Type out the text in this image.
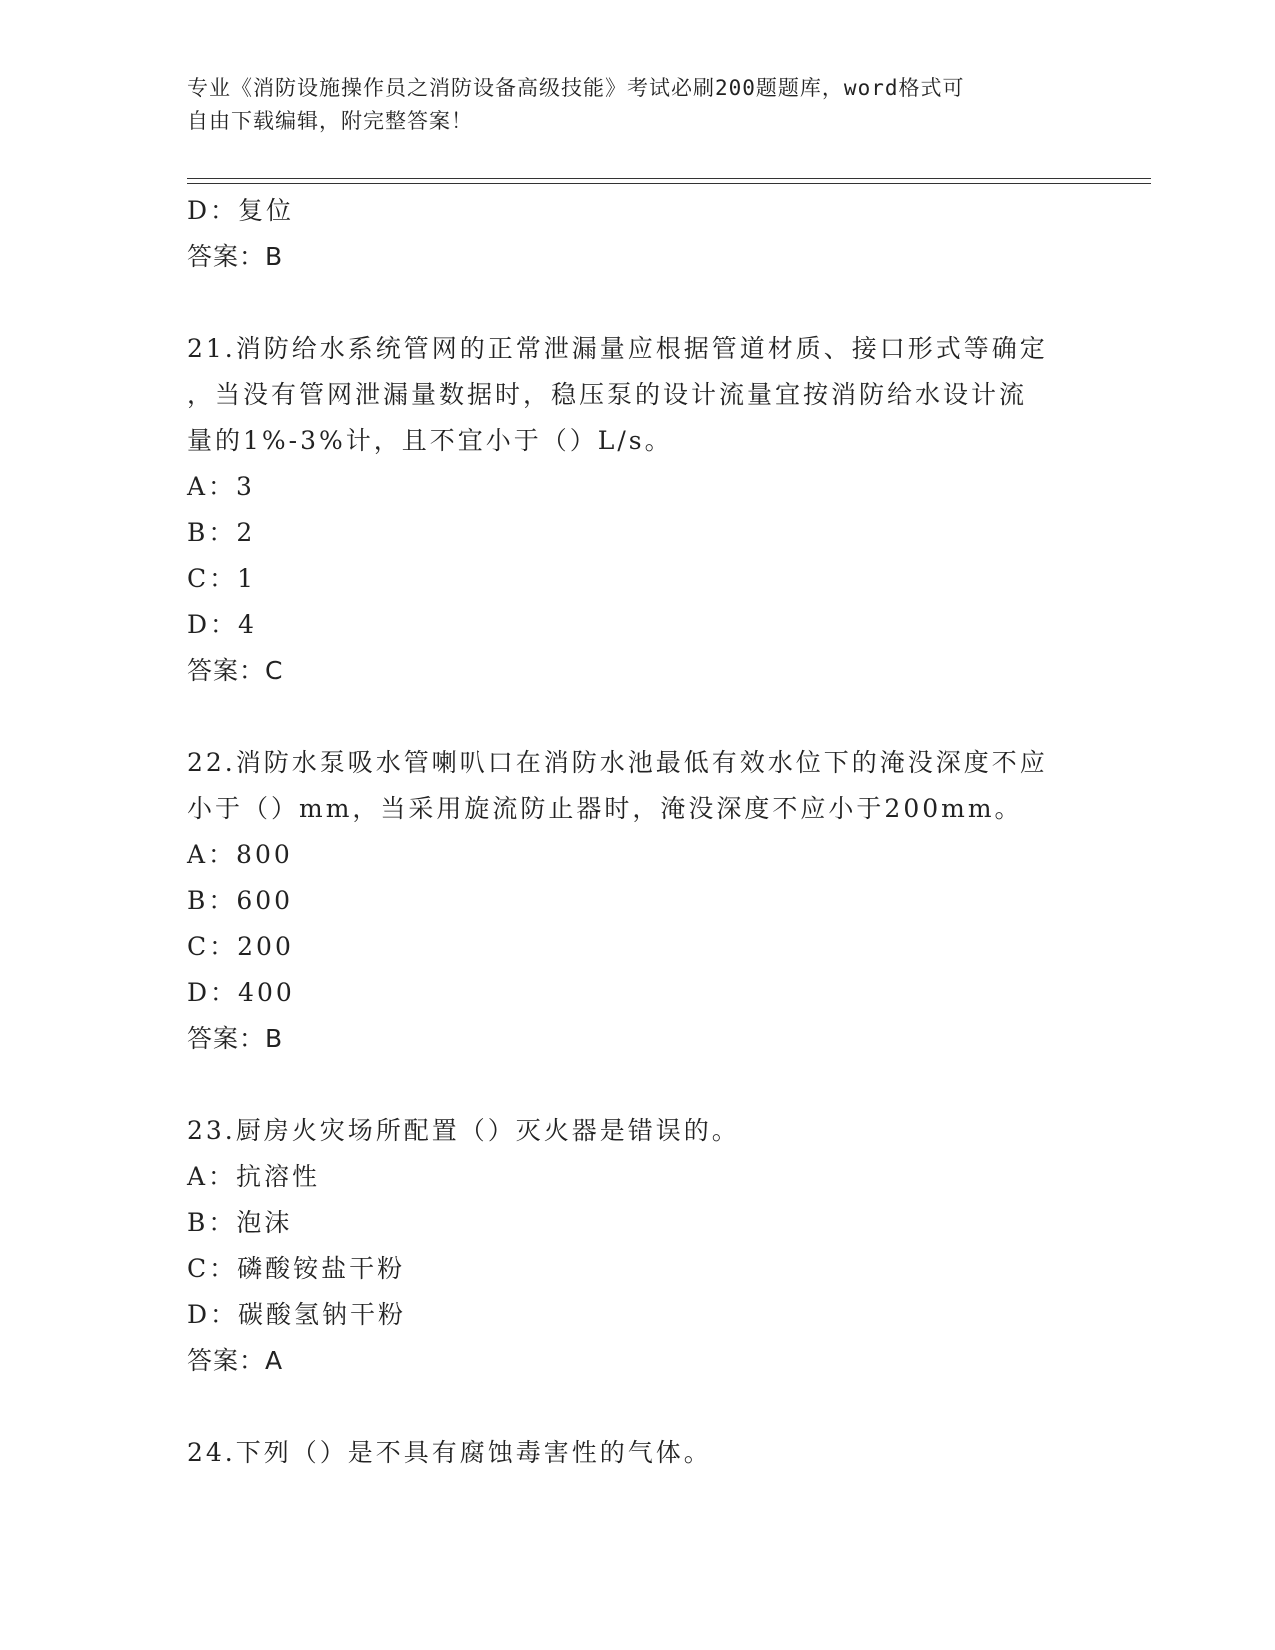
专业《消防设施操作员之消防设备高级技能》考试必刷200题题库，word格式可
自由下载编辑，附完整答案！
D：复位
答案：B
21.消防给水系统管网的正常泄漏量应根据管道材质、接口形式等确定
，当没有管网泄漏量数据时，稳压泵的设计流量宜按消防给水设计流
量的1%-3%计，且不宜小于（）L/s。
A：3
B：2
C：1
D：4
答案：C
22.消防水泵吸水管喇叭口在消防水池最低有效水位下的淹没深度不应
小于（）mm，当采用旋流防止器时，淹没深度不应小于200mm。
A：800
B：600
C：200
D：400
答案：B
23.厨房火灾场所配置（）灭火器是错误的。
A：抗溶性
B：泡沫
C：磷酸铵盐干粉
D：碳酸氢钠干粉
答案：A
24.下列（）是不具有腐蚀毒害性的气体。
